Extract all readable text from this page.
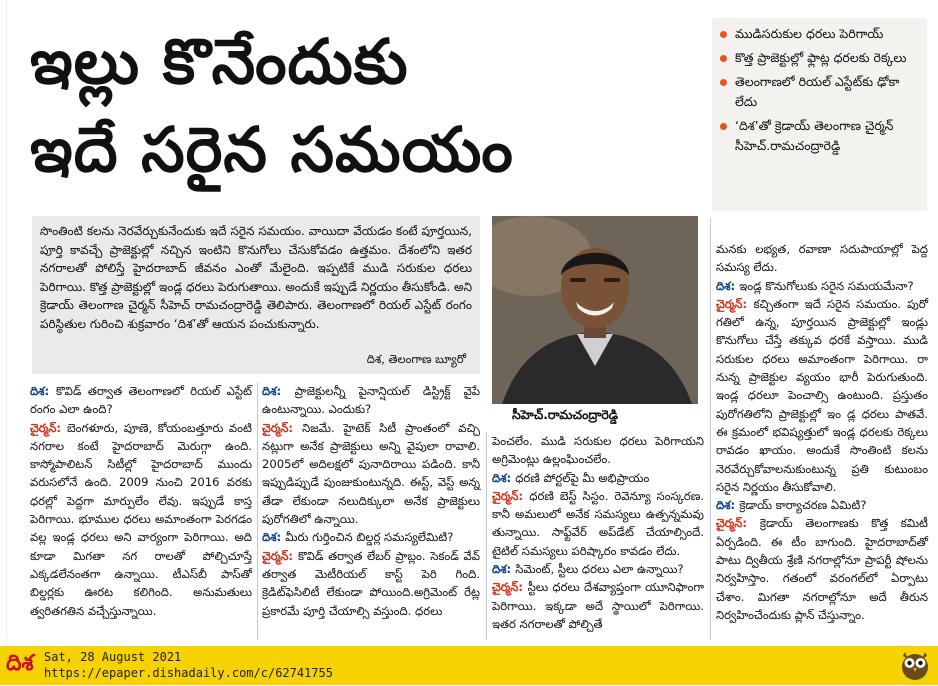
ఇల్లు కొనేందుకు
ఇదే సరైన సమయం
ముడిసరుకుల ధరలు పెరిగాయ్
కొత్త ప్రాజెక్టుల్లో ఫ్లాట్ల ధరలకు రెక్కలు
తెలంగాణలో రియల్ ఎస్టేట్‌కు ఢోకా లేదు
‘దిశ’తో క్రెడాయ్ తెలంగాణ చైర్మన్ సీహెచ్.రామచంద్రారెడ్డి
సొంతింటి కలను నెరవేర్చుకునేందుకు ఇదే సరైన సమయం. వాయిదా వేయడం కంటే పూర్తయిన, పూర్తి కావచ్చే ప్రాజెక్టుల్లో నచ్చిన ఇంటిని కొనుగోలు చేసుకోవడం ఉత్తమం. దేశంలోని ఇతర నగరాలతో పోలిస్తే హైదరాబాద్ జీవనం ఎంతో మేలైంది. ఇప్పటికే ముడి సరుకుల ధరలు పెరిగాయి. కొత్త ప్రాజెక్టుల్లో ఇండ్ల ధరలు పెరుగుతాయి. అందుకే ఇప్పుడే నిర్ణయం తీసుకోండి. అని క్రెడాయ్ తెలంగాణ చైర్మన్ సీహెచ్ రామచంద్రారెడ్డి తెలిపారు. తెలంగాణలో రియల్ ఎస్టేట్ రంగం పరిస్థితుల గురించి శుక్రవారం ‘దిశ’తో ఆయన పంచుకున్నారు.
దిశ, తెలంగాణ బ్యూరో
సీహెచ్.రామచంద్రారెడ్డి

దిశ: కొవిడ్ తర్వాత తెలంగాణలో రియల్ ఎస్టేట్ రంగం ఎలా ఉంది?

చైర్మన్: బెంగళూరు, పూణె, కోయంబత్తూరు వంటి నగరాల కంటే హైదరాబాద్ మెరుగ్గా ఉంది. కాస్మోపాలిటన్ సిటీల్లో హైదరాబాద్ ముందు వరుసలోనే ఉంది. 2009 నుంచి 2016 వరకు ధరల్లో పెద్దగా మార్పులేం లేవు. ఇప్పుడే కాస్త పెరిగాయి. భూముల ధరలు అమాంతంగా పెరగడం వల్ల ఇండ్ల ధరలు అని వార్యంగా పెరిగాయి. అది కూడా మిగతా నగ రాలతో పోల్చిచూస్తే ఎక్కడలేనంతగా ఉన్నాయి. టీఎస్‌బీ పాస్‌తో బిల్డర్లకు ఊరట కలిగింది. అనుమతులు త్వరితగతిన వచ్చేస్తున్నాయి.

దిశ: ప్రాజెక్టులన్నీ పైనాన్షియల్ డిస్ట్రిక్ట్ వైపే ఉంటున్నాయి. ఎందుకు?

చైర్మన్: నిజమే. హైటెక్ సిటీ ప్రాంతంలో వచ్చి నట్లుగా అనేక ప్రాజెక్టులు అన్ని వైపులా రావాలి. 2005లో అదిలక్షలో పునాదిరాయి పడింది. కానీ ఇప్పుడిప్పుడే పుంజుకుంటున్నది. ఈస్ట్, వెస్ట్ అన్న తేడా లేకుండా నలుదిక్కులా అనేక ప్రాజెక్టులు పురోగతిలో ఉన్నాయి.

దిశ: మీరు గుర్తించిన బిల్డర్ల సమస్యలేమిటి?

చైర్మన్: కొవిడ్ తర్వాత లేబర్ ప్రాబ్లం. సెకండ్ వేవ్ తర్వాత మెటీరియల్ కాస్ట్ పెరి గింది. క్రెడిట్‌ఫెసిలిటీ లేకుండా పోయింది.అగ్రిమెంట్ రేట్ల ప్రకారమే పూర్తి చేయాల్సి వస్తుంది. ధరలు

పెంచలేం. ముడి సరుకుల ధరలు పెరిగాయని అగ్రిమెంట్లు ఉల్లంఘించలేం.

దిశ: ధరణి పోర్టల్‌పై మీ అభిప్రాయం

చైర్మన్: ధరణి బెస్ట్ సిస్టం. రెవెన్యూ సంస్కరణ. కానీ అమలులో అనేక సమస్యలు ఉత్పన్నమవు తున్నాయి. సాఫ్ట్‌వేర్ అప్‌డేట్ చేయాల్సిందే. టైటిల్ సమస్యలు పరిష్కారం కావడం లేదు.

దిశ: సిమెంట్, స్టీలు ధరలు ఎలా ఉన్నాయి?

చైర్మన్: స్టీలు ధరలు దేశవ్యాప్తంగా యూనిఫాంగా పెరిగాయి. ఇక్కడా అదే స్థాయిలో పెరిగాయి. ఇతర నగరాలతో పోల్చితే

మనకు లభ్యత, రవాణా సదుపాయాల్లో పెద్ద సమస్య లేదు.

దిశ: ఇండ్ల కొనుగోలుకు సరైన సమయమేనా?

చైర్మన్: కచ్చితంగా ఇదే సరైన సమయం. పురో గతిలో ఉన్న, పూర్తయిన ప్రాజెక్టుల్లో ఇండ్లు కొనుగోలు చేస్తే తక్కువ ధరకే వస్తాయి. ముడి సరుకుల ధరలు అమాంతంగా పెరిగాయి. రా నున్న ప్రాజెక్టుల వ్యయం భారీ పెరుగుతుంది. ఇండ్ల ధరలూ పెంచాల్సి ఉంటుంది. ప్రస్తుతం పురోగతిలోని ప్రాజెక్టుల్లో ఇం డ్ల ధరలు పాతవే. ఈ క్రమంలో భవిష్యత్తులో ఇండ్ల ధరలకు రెక్కలు రావడం ఖాయం. అందుకే సొంతింటి కలను నెరవేర్చుకోవాలనుకుంటున్న ప్రతి కుటుంబం సరైన నిర్ణయం తీసుకోవాలి.

దిశ: క్రెడాయ్ కార్యాచరణ ఏమిటి?

చైర్మన్: క్రెడాయ్ తెలంగాణకు కొత్త కమిటీ ఏర్పడింది. ఈ టీం బాగుంది. హైదరాబాద్‌తో పాటు ద్వితీయ శ్రేణి నగరాల్లోనూ ప్రాపర్టీ షోలను నిర్వహిస్తాం. గతంలో వరంగల్‌లో ఏర్పాటు చేశాం. మిగతా నగరాల్లోనూ అదే తీరున నిర్వహించేందుకు ప్లాన్ చేస్తున్నాం.

దిశ Sat, 28 August 2021
https://epaper.dishadaily.com/c/62741755
